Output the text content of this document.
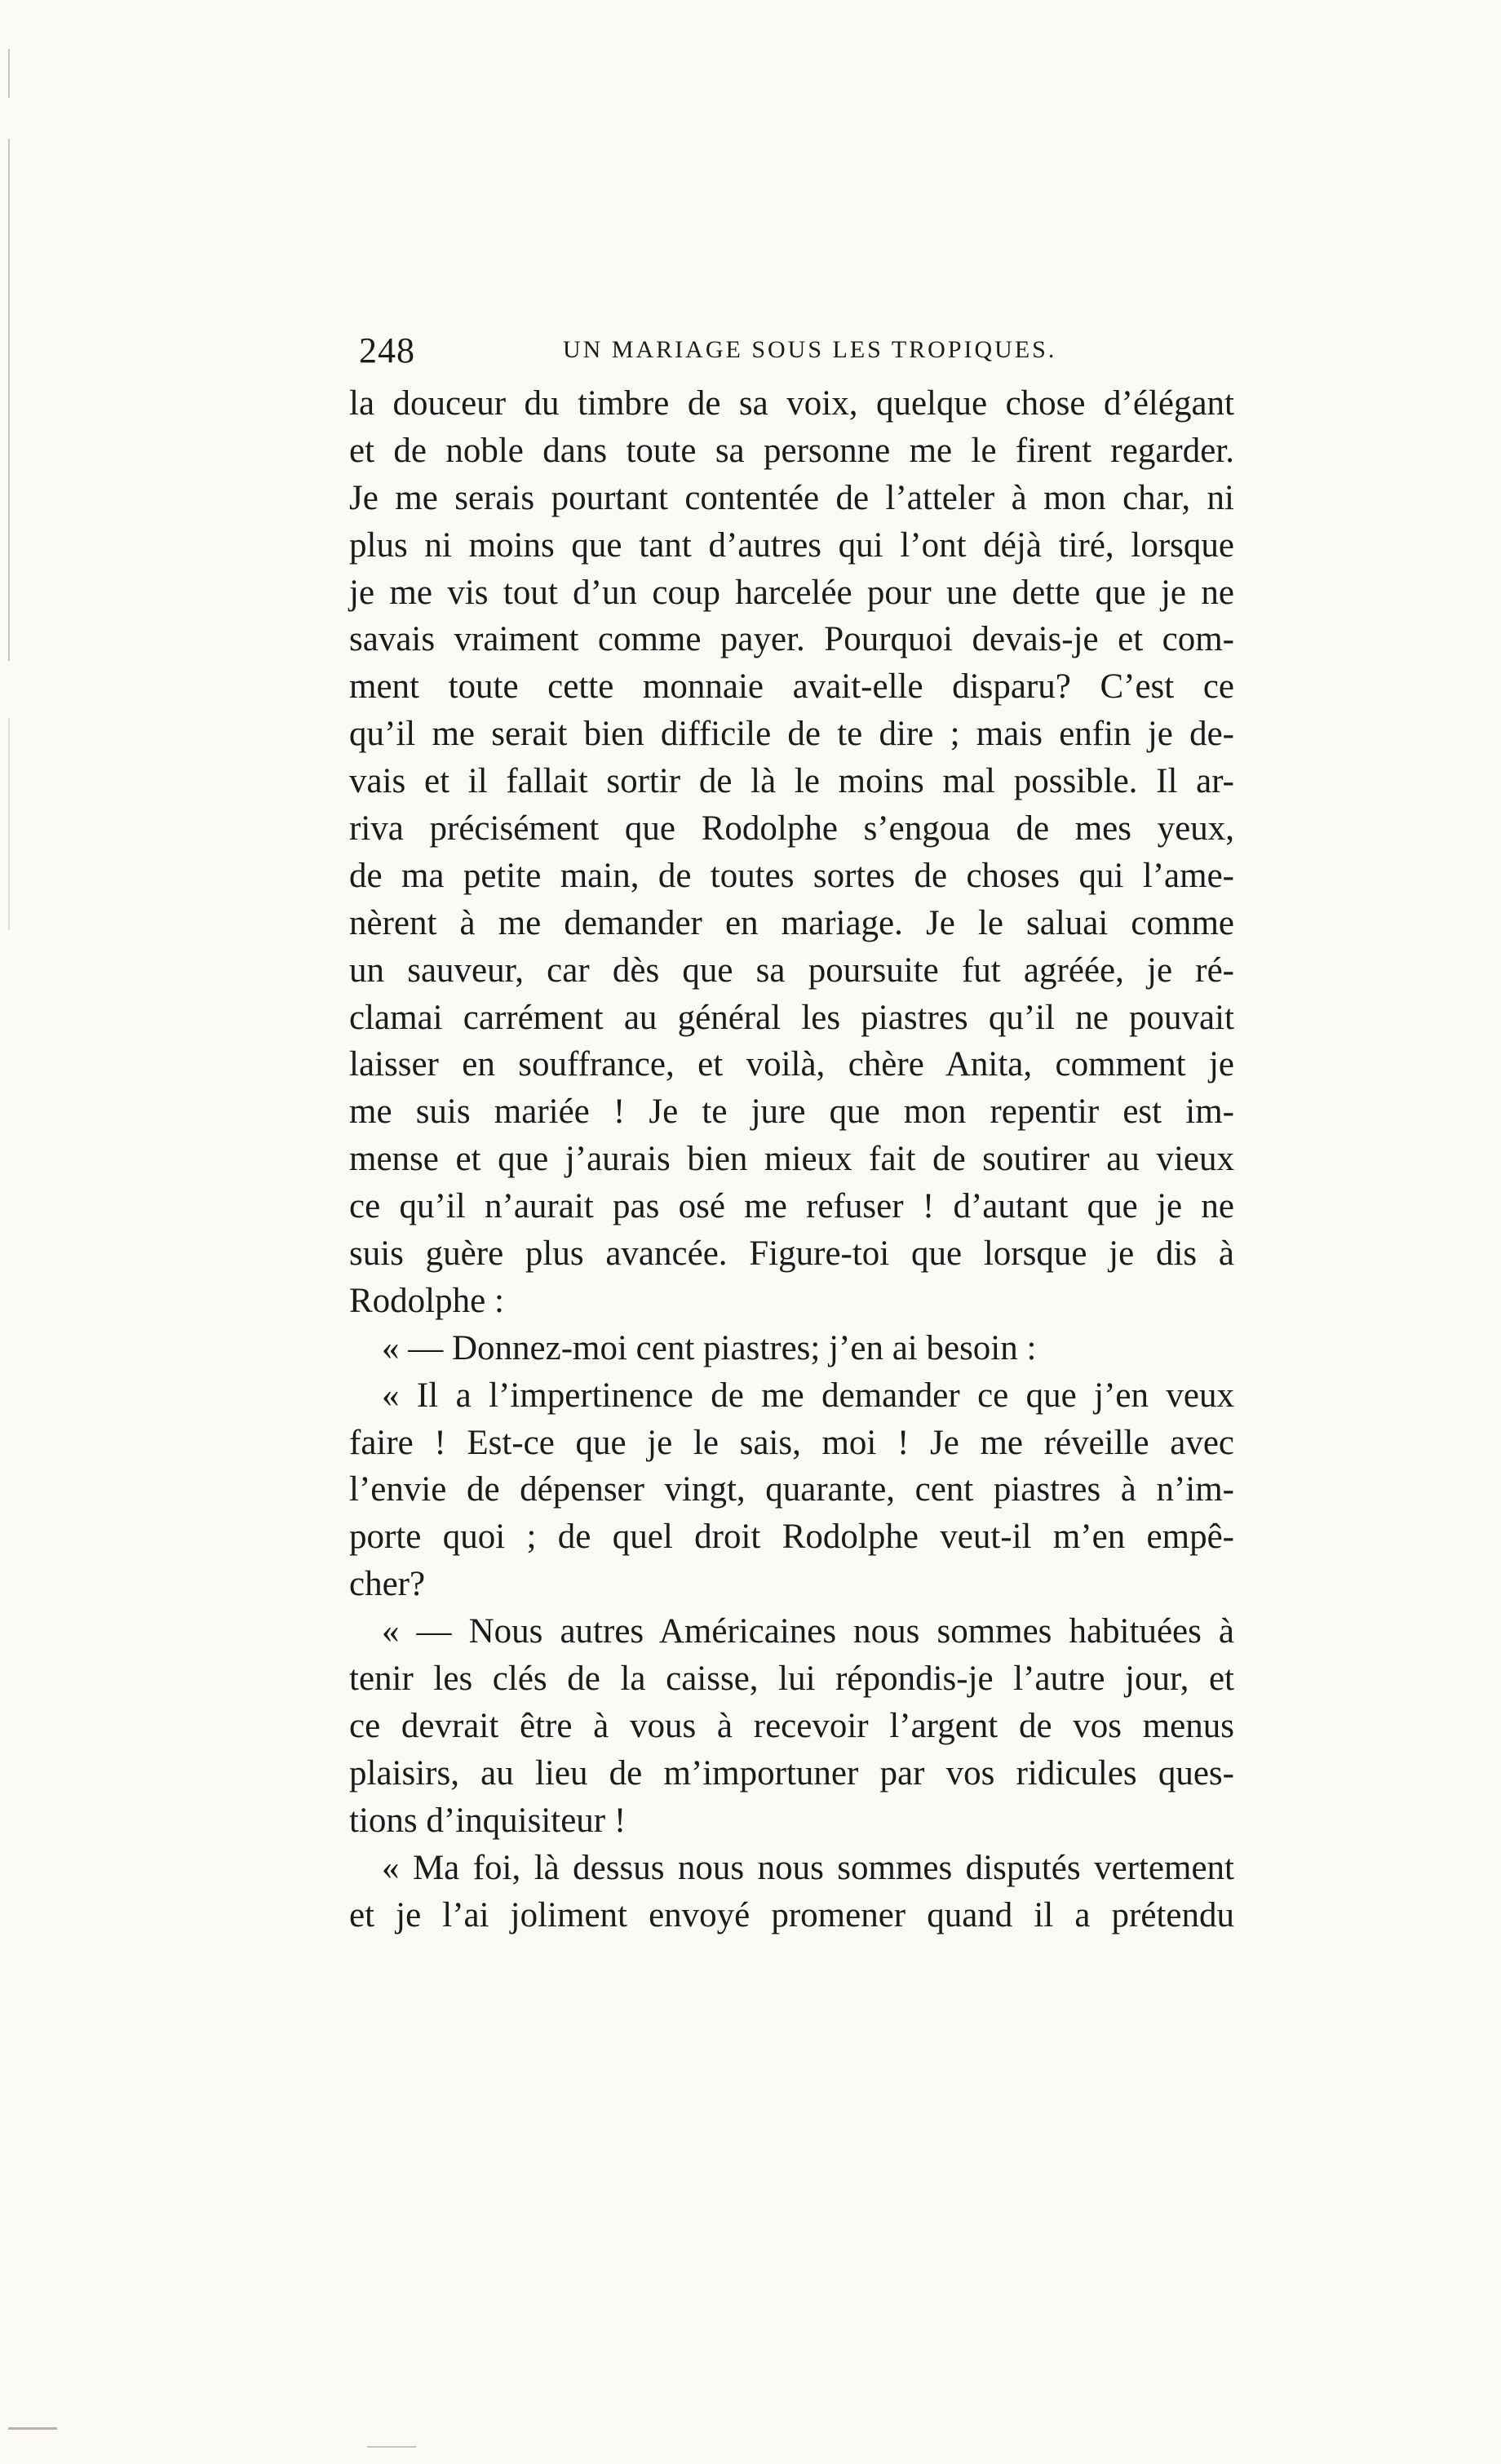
248	UN MARIAGE SOUS LES TROPIQUES.
la douceur du timbre de sa voix, quelque chose d’élégant
et de noble dans toute sa personne me le firent regarder.
Je me serais pourtant contentée de l’atteler à mon char, ni
plus ni moins que tant d’autres qui l’ont déjà tiré, lorsque
je me vis tout d’un coup harcelée pour une dette que je ne
savais vraiment comme payer. Pourquoi devais-je et com-
ment toute cette monnaie avait-elle disparu? C’est ce
qu’il me serait bien difficile de te dire ; mais enfin je de-
vais et il fallait sortir de là le moins mal possible. Il ar-
riva précisément que Rodolphe s’engoua de mes yeux,
de ma petite main, de toutes sortes de choses qui l’ame-
nèrent à me demander en mariage. Je le saluai comme
un sauveur, car dès que sa poursuite fut agréée, je ré-
clamai carrément au général les piastres qu’il ne pouvait
laisser en souffrance, et voilà, chère Anita, comment je
me suis mariée ! Je te jure que mon repentir est im-
mense et que j’aurais bien mieux fait de soutirer au vieux
ce qu’il n’aurait pas osé me refuser ! d’autant que je ne
suis guère plus avancée. Figure-toi que lorsque je dis à
Rodolphe :
« — Donnez-moi cent piastres; j’en ai besoin :
« Il a l’impertinence de me demander ce que j’en veux
faire ! Est-ce que je le sais, moi ! Je me réveille avec
l’envie de dépenser vingt, quarante, cent piastres à n’im-
porte quoi ; de quel droit Rodolphe veut-il m’en empê-
cher?
« — Nous autres Américaines nous sommes habituées à
tenir les clés de la caisse, lui répondis-je l’autre jour, et
ce devrait être à vous à recevoir l’argent de vos menus
plaisirs, au lieu de m’importuner par vos ridicules ques-
tions d’inquisiteur !
« Ma foi, là dessus nous nous sommes disputés vertement
et je l’ai joliment envoyé promener quand il a prétendu
